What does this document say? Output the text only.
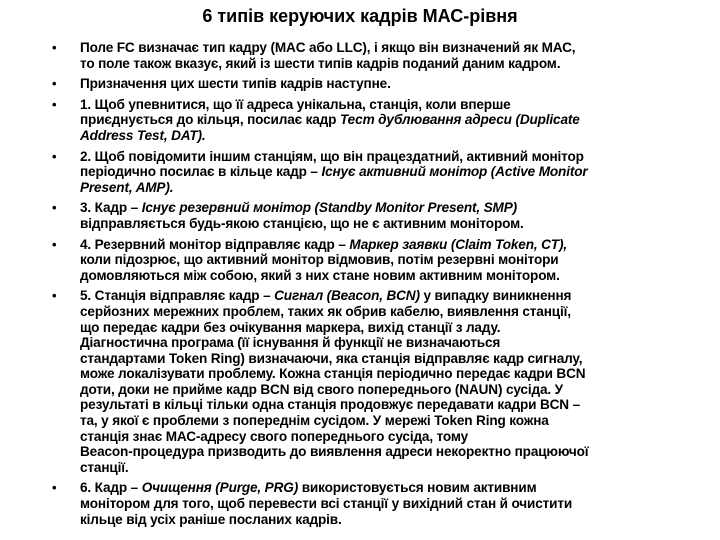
6 типів керуючих кадрів МАС-рівня
• Поле FC визначає тип кадру (MAC або LLC), і якщо він визначений як МАС,
то поле також вказує, який із шести типів кадрів поданий даним кадром.
• Призначення цих шести типів кадрів наступне.
• 1. Щоб упевнитися, що її адреса унікальна, станція, коли вперше
приєднується до кільця, посилає кадр Тест дублювання адреси (Duplicate
Address Test, DAT).
• 2. Щоб повідомити іншим станціям, що він працездатний, активний монітор
періодично посилає в кільце кадр – Існує активний монітор (Active Monitor
Present, AMP).
• 3. Кадр – Існує резервний монітор (Standby Monitor Present, SMP)
відправляється будь-якою станцією, що не є активним монітором.
• 4. Резервний монітор відправляє кадр – Маркер заявки (Claim Token, CT),
коли підозрює, що активний монітор відмовив, потім резервні монітори
домовляються між собою, який з них стане новим активним монітором.
• 5. Станція відправляє кадр – Сигнал (Beacon, BCN) у випадку виникнення
серйозних мережних проблем, таких як обрив кабелю, виявлення станції,
що передає кадри без очікування маркера, вихід станції з ладу.
Діагностична програма (її існування й функції не визначаються
стандартами Token Ring) визначаючи, яка станція відправляє кадр сигналу,
може локалізувати проблему. Кожна станція періодично передає кадри BCN
доти, доки не прийме кадр BCN від свого попереднього (NAUN) сусіда. У
результаті в кільці тільки одна станція продовжує передавати кадри BCN –
та, у якої є проблеми з попереднім сусідом. У мережі Token Ring кожна
станція знає МАС-адресу свого попереднього сусіда, тому
Beacon-процедура призводить до виявлення адреси некоректно працюючої
станції.
• 6. Кадр – Очищення (Purge, PRG) використовується новим активним
монітором для того, щоб перевести всі станції у вихідний стан й очистити
кільце від усіх раніше посланих кадрів.
